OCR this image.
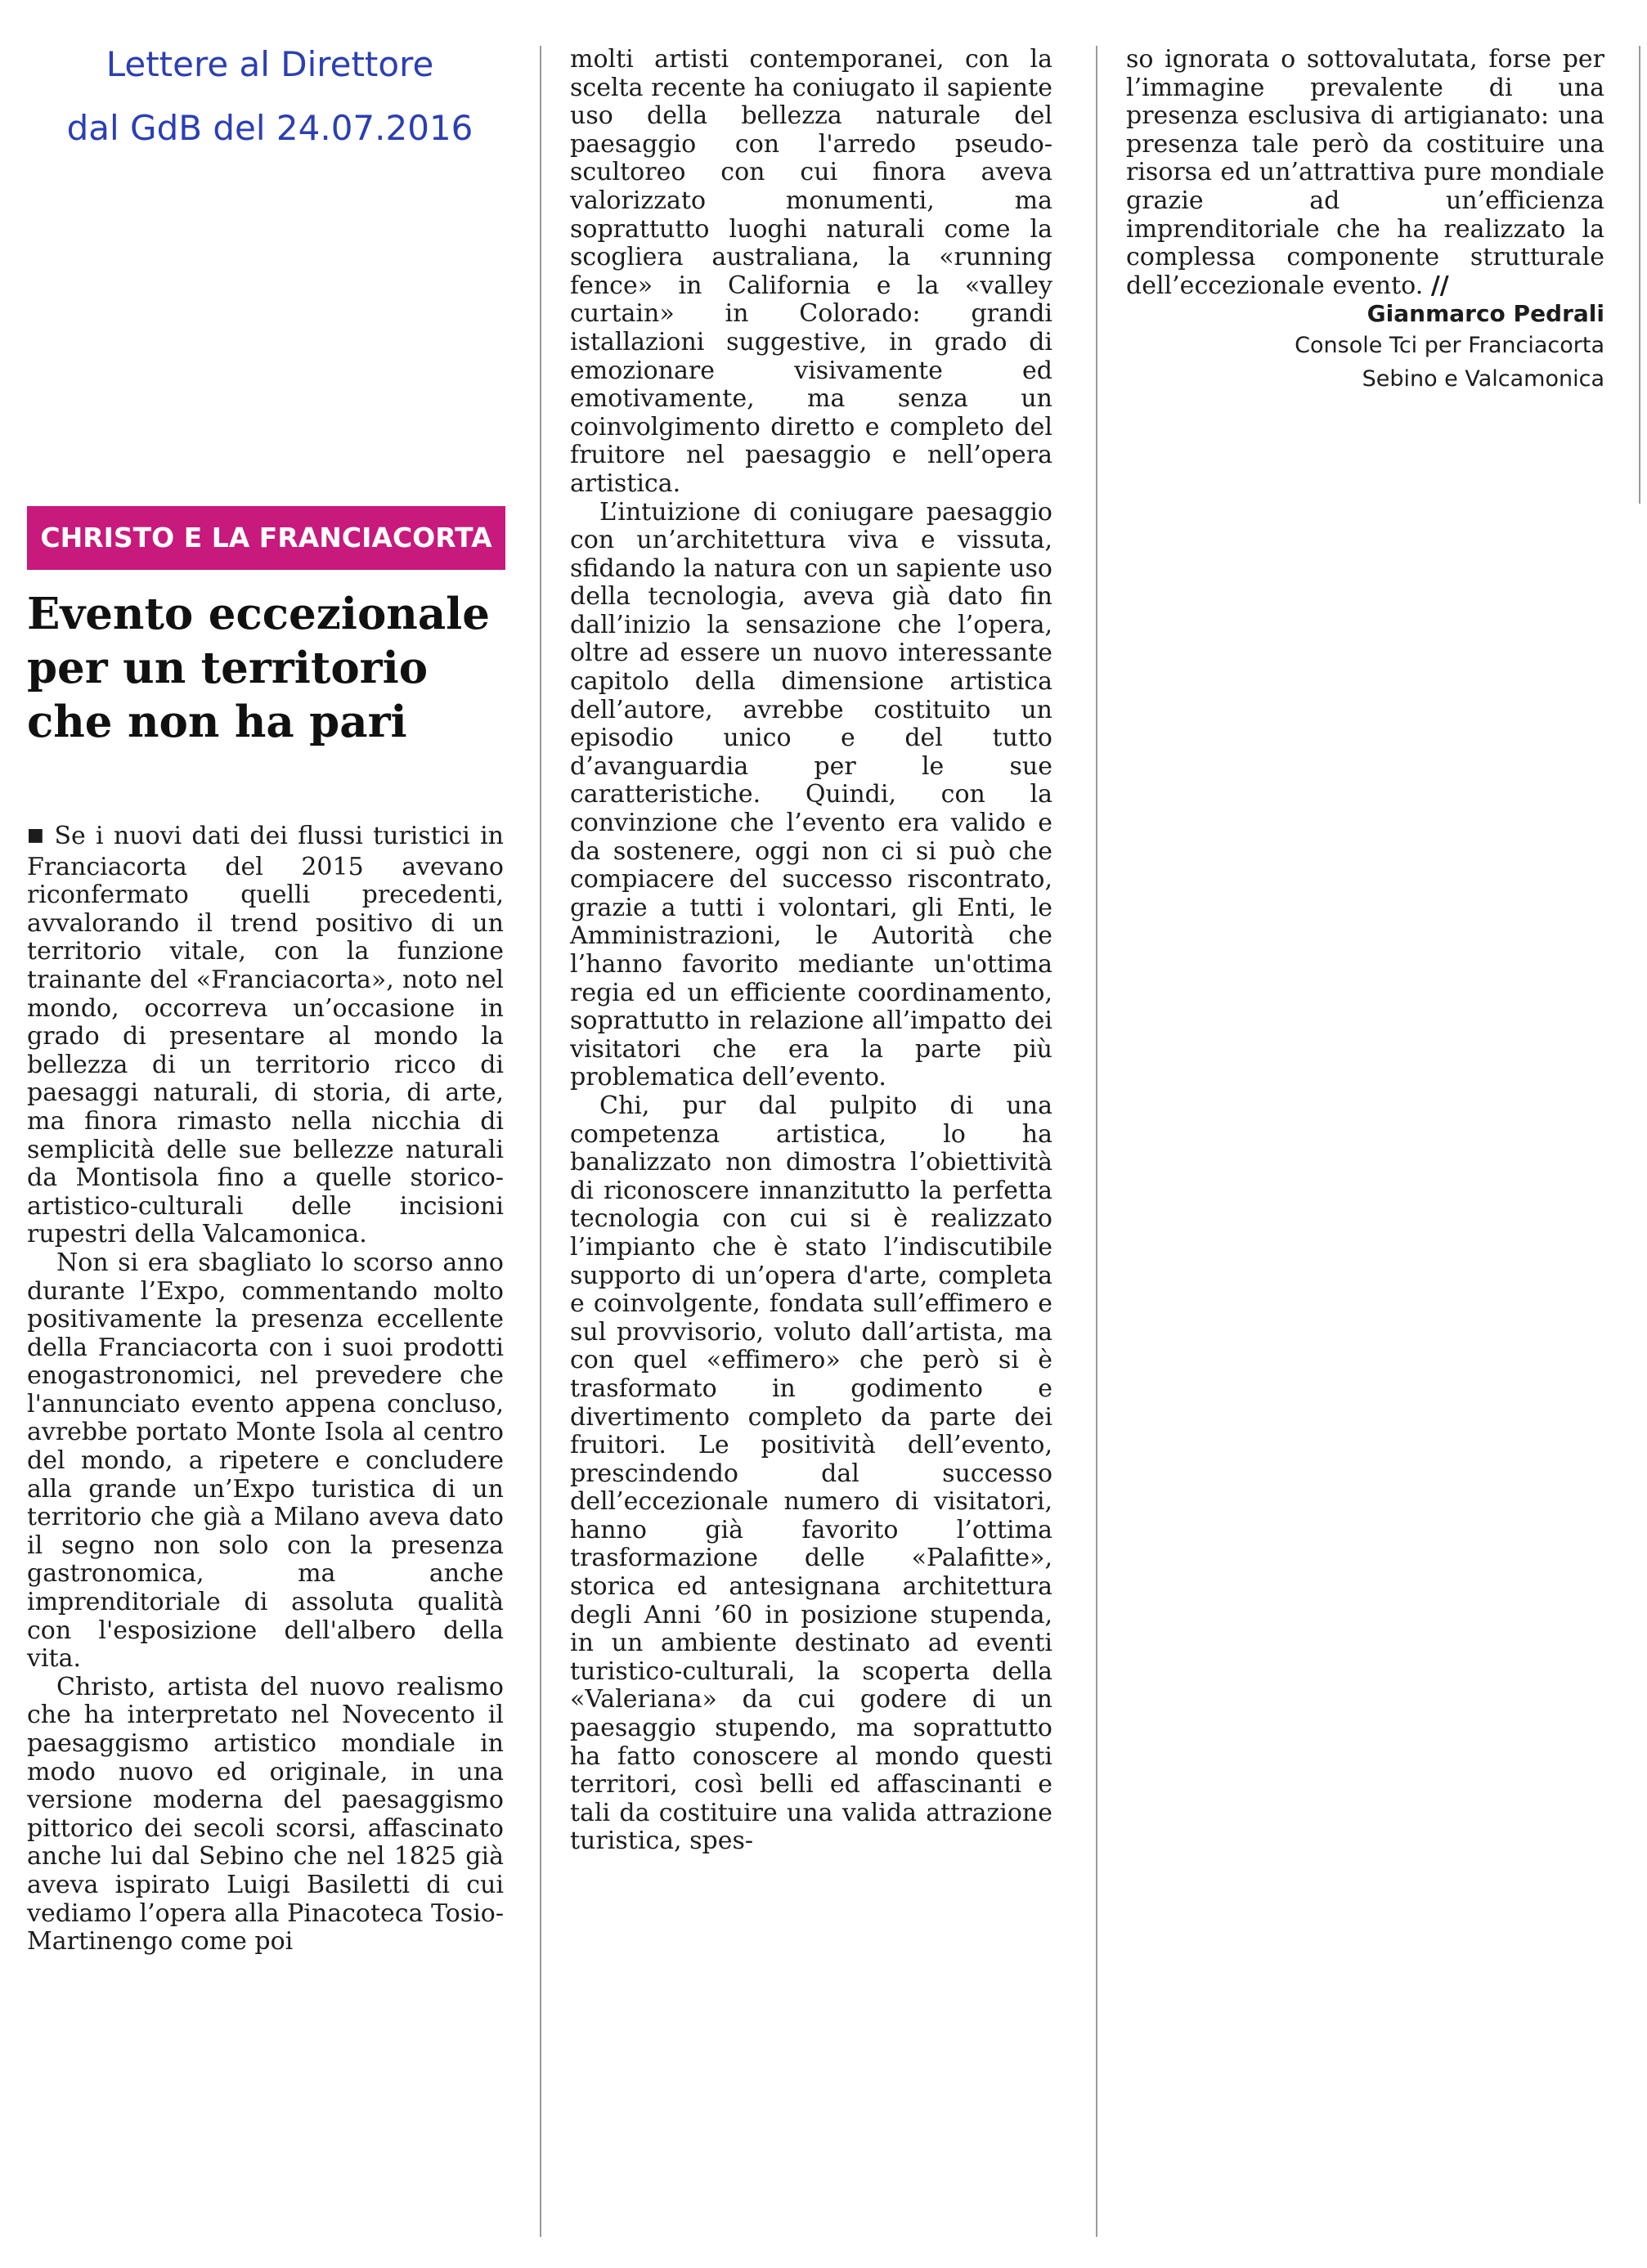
Lettere al Direttore
dal GdB del 24.07.2016
CHRISTO E LA FRANCIACORTA
Evento eccezionale
per un territorio
che non ha pari

■ Se i nuovi dati dei flussi turistici in Franciacorta del 2015 avevano riconfermato quelli precedenti, avvalorando il trend positivo di un territorio vitale, con la funzione trainante del «Franciacorta», noto nel mondo, occorreva un’occasione in grado di presentare al mondo la bellezza di un territorio ricco di paesaggi naturali, di storia, di arte, ma finora rimasto nella nicchia di semplicità delle sue bellezze naturali da Montisola fino a quelle storico-artistico-culturali delle incisioni rupestri della Valcamonica.

Non si era sbagliato lo scorso anno durante l’Expo, commentando molto positivamente la presenza eccellente della Franciacorta con i suoi prodotti enogastronomici, nel prevedere che l'annunciato evento appena concluso, avrebbe portato Monte Isola al centro del mondo, a ripetere e concludere alla grande un’Expo turistica di un territorio che già a Milano aveva dato il segno non solo con la presenza gastronomica, ma anche imprenditoriale di assoluta qualità con l'esposizione dell'albero della vita.

Christo, artista del nuovo realismo che ha interpretato nel Novecento il paesaggismo artistico mondiale in modo nuovo ed originale, in una versione moderna del paesaggismo pittorico dei secoli scorsi, affascinato anche lui dal Sebino che nel 1825 già aveva ispirato Luigi Basiletti di cui vediamo l’opera alla Pinacoteca Tosio-Martinengo come poi

molti artisti contemporanei, con la scelta recente ha coniugato il sapiente uso della bellezza naturale del paesaggio con l'arredo pseudo-scultoreo con cui finora aveva valorizzato monumenti, ma soprattutto luoghi naturali come la scogliera australiana, la «running fence» in California e la «valley curtain» in Colorado: grandi istallazioni suggestive, in grado di emozionare visivamente ed emotivamente, ma senza un coinvolgimento diretto e completo del fruitore nel paesaggio e nell’opera artistica.

L’intuizione di coniugare paesaggio con un’architettura viva e vissuta, sfidando la natura con un sapiente uso della tecnologia, aveva già dato fin dall’inizio la sensazione che l’opera, oltre ad essere un nuovo interessante capitolo della dimensione artistica dell’autore, avrebbe costituito un episodio unico e del tutto d’avanguardia per le sue caratteristiche. Quindi, con la convinzione che l’evento era valido e da sostenere, oggi non ci si può che compiacere del successo riscontrato, grazie a tutti i volontari, gli Enti, le Amministrazioni, le Autorità che l’hanno favorito mediante un'ottima regia ed un efficiente coordinamento, soprattutto in relazione all’impatto dei visitatori che era la parte più problematica dell’evento.

Chi, pur dal pulpito di una competenza artistica, lo ha banalizzato non dimostra l’obiettività di riconoscere innanzitutto la perfetta tecnologia con cui si è realizzato l’impianto che è stato l’indiscutibile supporto di un’opera d'arte, completa e coinvolgente, fondata sull’effimero e sul provvisorio, voluto dall’artista, ma con quel «effimero» che però si è trasformato in godimento e divertimento completo da parte dei fruitori. Le positività dell’evento, prescindendo dal successo dell’eccezionale numero di visitatori, hanno già favorito l’ottima trasformazione delle «Palafitte», storica ed antesignana architettura degli Anni ’60 in posizione stupenda, in un ambiente destinato ad eventi turistico-culturali, la scoperta della «Valeriana» da cui godere di un paesaggio stupendo, ma soprattutto ha fatto conoscere al mondo questi territori, così belli ed affascinanti e tali da costituire una valida attrazione turistica, spes-

so ignorata o sottovalutata, forse per l’immagine prevalente di una presenza esclusiva di artigianato: una presenza tale però da costituire una risorsa ed un’attrattiva pure mondiale grazie ad un’efficienza imprenditoriale che ha realizzato la complessa componente strutturale dell’eccezionale evento. //

Gianmarco Pedrali
Console Tci per Franciacorta
Sebino e Valcamonica
